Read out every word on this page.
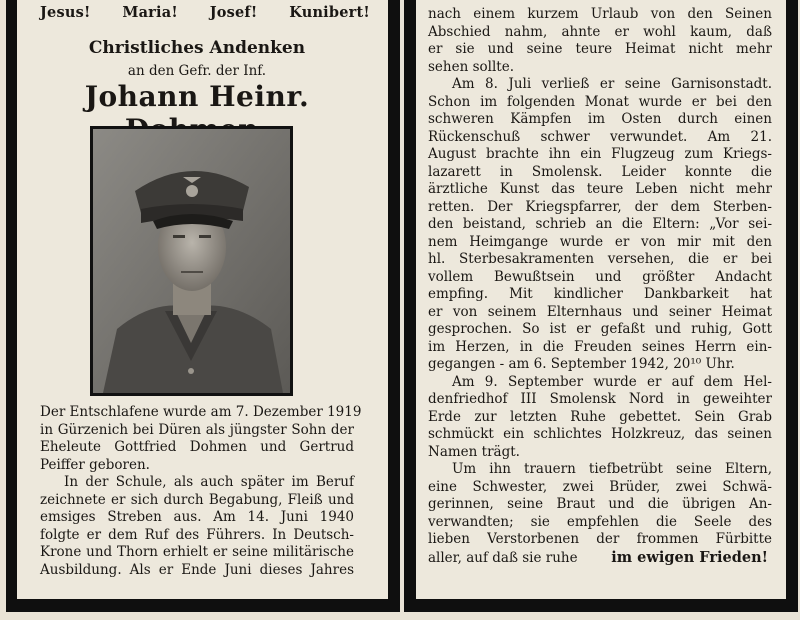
Jesus! Maria! Josef! Kunibert!
Christliches Andenken
an den Gefr. der Inf.
Johann Heinr.
Der Entschlafene wurde am 7. Dezember 1919
in Gürzenich bei Düren als jüngster Sohn der
Eheleute Gottfried Dohmen und Gertrud
Peiffer geboren.
In der Schule, als auch später im Beruf
zeichnete er sich durch Begabung, Fleiß und
emsiges Streben aus. Am 14. Juni 1940
folgte er dem Ruf des Führers. In Deutsch-
Krone und Thorn erhielt er seine militärische
Ausbildung. Als er Ende Juni dieses Jahres
nach einem kurzem Urlaub von den Seinen
Abschied nahm, ahnte er wohl kaum, daß
er sie und seine teure Heimat nicht mehr
sehen sollte.
Am 8. Juli verließ er seine Garnisonstadt.
Schon im folgenden Monat wurde er bei den
schweren Kämpfen im Osten durch einen
Rückenschuß schwer verwundet. Am 21.
August brachte ihn ein Flugzeug zum Kriegs-
lazarett in Smolensk. Leider konnte die
ärztliche Kunst das teure Leben nicht mehr
retten. Der Kriegspfarrer, der dem Sterben-
den beistand, schrieb an die Eltern: „Vor sei-
nem Heimgange wurde er von mir mit den
hl. Sterbesakramenten versehen, die er bei
vollem Bewußtsein und größter Andacht
empfing. Mit kindlicher Dankbarkeit hat
er von seinem Elternhaus und seiner Heimat
gesprochen. So ist er gefaßt und ruhig, Gott
im Herzen, in die Freuden seines Herrn ein-
gegangen - am 6. September 1942, 20¹⁰ Uhr.
Am 9. September wurde er auf dem Hel-
denfriedhof III Smolensk Nord in geweihter
Erde zur letzten Ruhe gebettet. Sein Grab
schmückt ein schlichtes Holzkreuz, das seinen
Namen trägt.
Um ihn trauern tiefbetrübt seine Eltern,
eine Schwester, zwei Brüder, zwei Schwä-
gerinnen, seine Braut und die übrigen An-
verwandten; sie empfehlen die Seele des
lieben Verstorbenen der frommen Fürbitte
aller, auf daß sie ruhe im ewigen Frieden!
